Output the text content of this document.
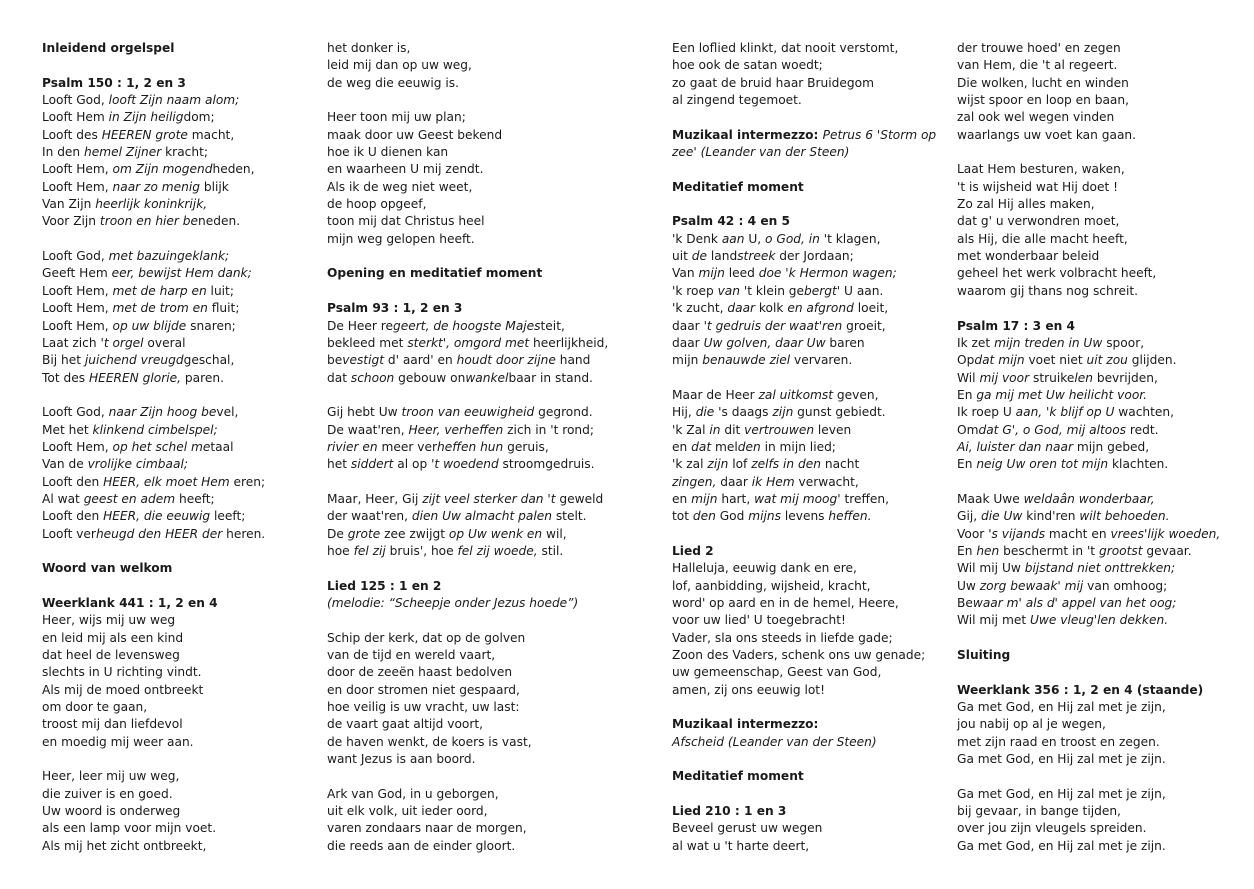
Inleidend orgelspel
Psalm 150 : 1, 2 en 3
Looft God, looft Zijn naam alom;
Looft Hem in Zijn heiligdom;
Looft des HEEREN grote macht,
In den hemel Zijner kracht;
Looft Hem, om Zijn mogendheden,
Looft Hem, naar zo menig blijk
Van Zijn heerlijk koninkrijk,
Voor Zijn troon en hier beneden.
Looft God, met bazuingeklank;
Geeft Hem eer, bewijst Hem dank;
Looft Hem, met de harp en luit;
Looft Hem, met de trom en fluit;
Looft Hem, op uw blijde snaren;
Laat zich 't orgel overal
Bij het juichend vreugdgeschal,
Tot des HEEREN glorie, paren.
Looft God, naar Zijn hoog bevel,
Met het klinkend cimbelspel;
Looft Hem, op het schel metaal
Van de vrolijke cimbaal;
Looft den HEER, elk moet Hem eren;
Al wat geest en adem heeft;
Looft den HEER, die eeuwig leeft;
Looft verheugd den HEER der heren.
Woord van welkom
Weerklank 441 : 1, 2 en 4
Heer, wijs mij uw weg
en leid mij als een kind
dat heel de levensweg
slechts in U richting vindt.
Als mij de moed ontbreekt
om door te gaan,
troost mij dan liefdevol
en moedig mij weer aan.
Heer, leer mij uw weg,
die zuiver is en goed.
Uw woord is onderweg
als een lamp voor mijn voet.
Als mij het zicht ontbreekt,
het donker is,
leid mij dan op uw weg,
de weg die eeuwig is.
Heer toon mij uw plan;
maak door uw Geest bekend
hoe ik U dienen kan
en waarheen U mij zendt.
Als ik de weg niet weet,
de hoop opgeef,
toon mij dat Christus heel
mijn weg gelopen heeft.
Opening en meditatief moment
Psalm 93 : 1, 2 en 3
De Heer regeert, de hoogste Majesteit,
bekleed met sterkt', omgord met heerlijkheid,
bevestigt d' aard' en houdt door zijne hand
dat schoon gebouw onwankelbaar in stand.
Gij hebt Uw troon van eeuwigheid gegrond.
De waat'ren, Heer, verheffen zich in 't rond;
rivier en meer verheffen hun geruis,
het siddert al op 't woedend stroomgedruis.
Maar, Heer, Gij zijt veel sterker dan 't geweld
der waat'ren, dien Uw almacht palen stelt.
De grote zee zwijgt op Uw wenk en wil,
hoe fel zij bruis', hoe fel zij woede, stil.
Lied 125 : 1 en 2
(melodie: “Scheepje onder Jezus hoede”)
Schip der kerk, dat op de golven
van de tijd en wereld vaart,
door de zeeën haast bedolven
en door stromen niet gespaard,
hoe veilig is uw vracht, uw last:
de vaart gaat altijd voort,
de haven wenkt, de koers is vast,
want Jezus is aan boord.
Ark van God, in u geborgen,
uit elk volk, uit ieder oord,
varen zondaars naar de morgen,
die reeds aan de einder gloort.
Een loflied klinkt, dat nooit verstomt,
hoe ook de satan woedt;
zo gaat de bruid haar Bruidegom
al zingend tegemoet.
Muzikaal intermezzo: Petrus 6 'Storm op
zee' (Leander van der Steen)
Meditatief moment
Psalm 42 : 4 en 5
'k Denk aan U, o God, in 't klagen,
uit de landstreek der Jordaan;
Van mijn leed doe 'k Hermon wagen;
'k roep van 't klein gebergt' U aan.
'k zucht, daar kolk en afgrond loeit,
daar 't gedruis der waat'ren groeit,
daar Uw golven, daar Uw baren
mijn benauwde ziel vervaren.
Maar de Heer zal uitkomst geven,
Hij, die 's daags zijn gunst gebiedt.
'k Zal in dit vertrouwen leven
en dat melden in mijn lied;
'k zal zijn lof zelfs in den nacht
zingen, daar ik Hem verwacht,
en mijn hart, wat mij moog' treffen,
tot den God mijns levens heffen.
Lied 2
Halleluja, eeuwig dank en ere,
lof, aanbidding, wijsheid, kracht,
word' op aard en in de hemel, Heere,
voor uw lied' U toegebracht!
Vader, sla ons steeds in liefde gade;
Zoon des Vaders, schenk ons uw genade;
uw gemeenschap, Geest van God,
amen, zij ons eeuwig lot!
Muzikaal intermezzo:
Afscheid (Leander van der Steen)
Meditatief moment
Lied 210 : 1 en 3
Beveel gerust uw wegen
al wat u 't harte deert,
der trouwe hoed' en zegen
van Hem, die 't al regeert.
Die wolken, lucht en winden
wijst spoor en loop en baan,
zal ook wel wegen vinden
waarlangs uw voet kan gaan.
Laat Hem besturen, waken,
't is wijsheid wat Hij doet !
Zo zal Hij alles maken,
dat g' u verwondren moet,
als Hij, die alle macht heeft,
met wonderbaar beleid
geheel het werk volbracht heeft,
waarom gij thans nog schreit.
Psalm 17 : 3 en 4
Ik zet mijn treden in Uw spoor,
Opdat mijn voet niet uit zou glijden.
Wil mij voor struikelen bevrijden,
En ga mij met Uw heilicht voor.
Ik roep U aan, 'k blijf op U wachten,
Omdat G', o God, mij altoos redt.
Ai, luister dan naar mijn gebed,
En neig Uw oren tot mijn klachten.
Maak Uwe weldaân wonderbaar,
Gij, die Uw kind'ren wilt behoeden.
Voor 's vijands macht en vrees'lijk woeden,
En hen beschermt in 't grootst gevaar.
Wil mij Uw bijstand niet onttrekken;
Uw zorg bewaak' mij van omhoog;
Bewaar m' als d' appel van het oog;
Wil mij met Uwe vleug'len dekken.
Sluiting
Weerklank 356 : 1, 2 en 4 (staande)
Ga met God, en Hij zal met je zijn,
jou nabij op al je wegen,
met zijn raad en troost en zegen.
Ga met God, en Hij zal met je zijn.
Ga met God, en Hij zal met je zijn,
bij gevaar, in bange tijden,
over jou zijn vleugels spreiden.
Ga met God, en Hij zal met je zijn.
